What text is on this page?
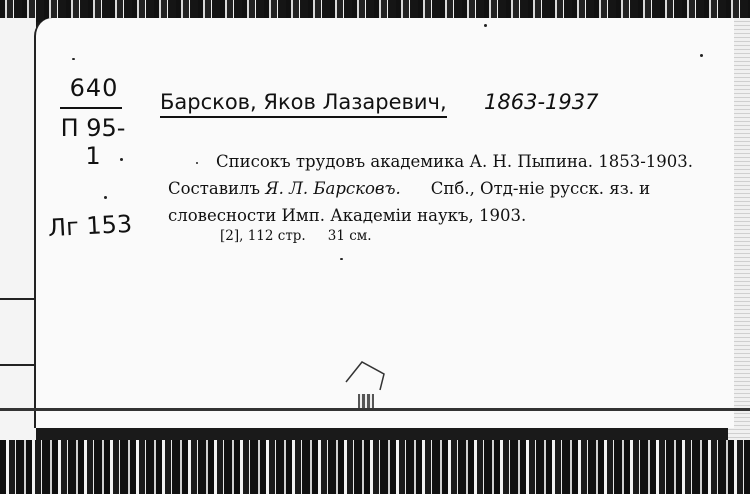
640
П 95-1
Лг 153
Барсков, Яков Лазаревич, 1863-1937
Списокъ трудовъ академика А. Н. Пыпина. 1853-1903.
Составилъ Я. Л. Барсковъ. Спб., Отд-ніе русск. яз. и
словесности Имп. Академіи наукъ, 1903.
[2], 112 стр. 31 см.
